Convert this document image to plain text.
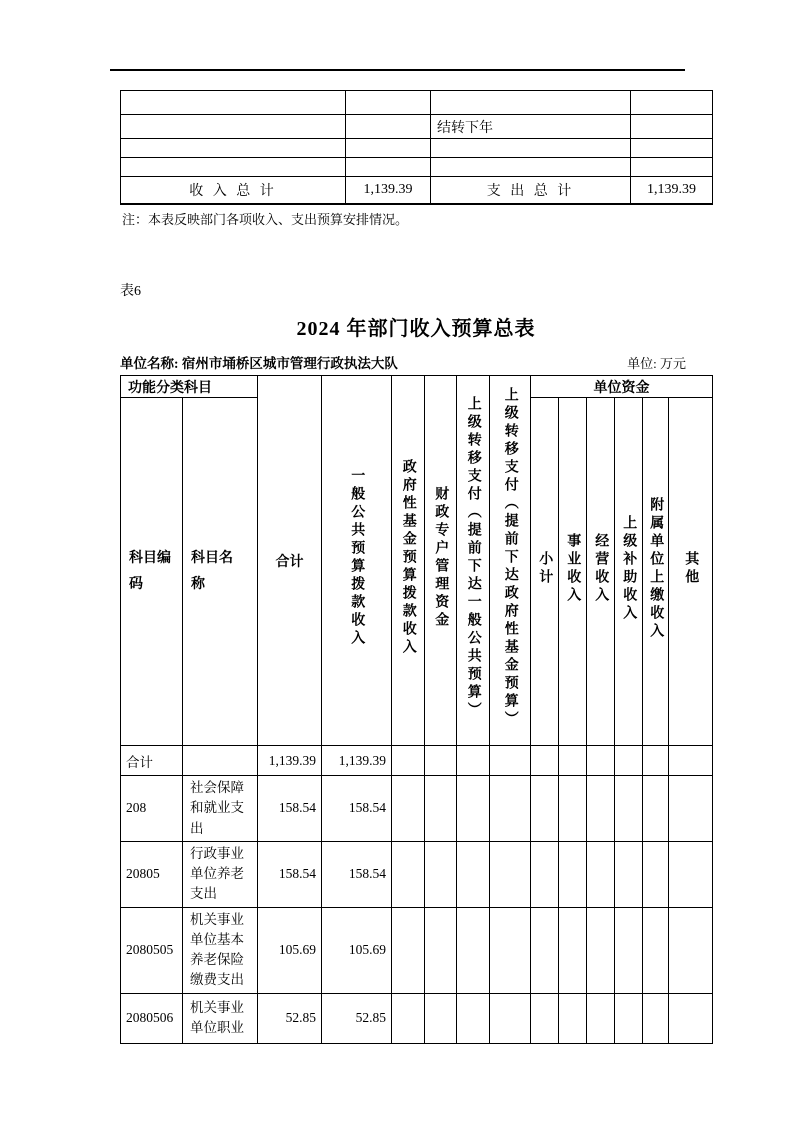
		结转下年	

收 入 总 计	1,139.39	支 出 总 计	1,139.39
注：本表反映部门各项收入、支出预算安排情况。
表6
2024 年部门收入预算总表
单位名称: 宿州市埇桥区城市管理行政执法大队	单位: 万元
功能分类科目		合计	一般公共预算拨款收入	政府性基金预算拨款收入	财政专户管理资金	上级转移支付（提前下达一般公共预算）	上级转移支付（提前下达政府性基金预算）	单位资金					

科目编码	科目名称							小计	事业收入	经营收入	上级补助收入	附属单位上缴收入	其他
合计		1,139.39	1,139.39										
208	社会保障和就业支出	158.54	158.54										
20805	行政事业单位养老支出	158.54	158.54										
2080505	机关事业单位基本养老保险缴费支出	105.69	105.69										
2080506	机关事业单位职业	52.85	52.85										
